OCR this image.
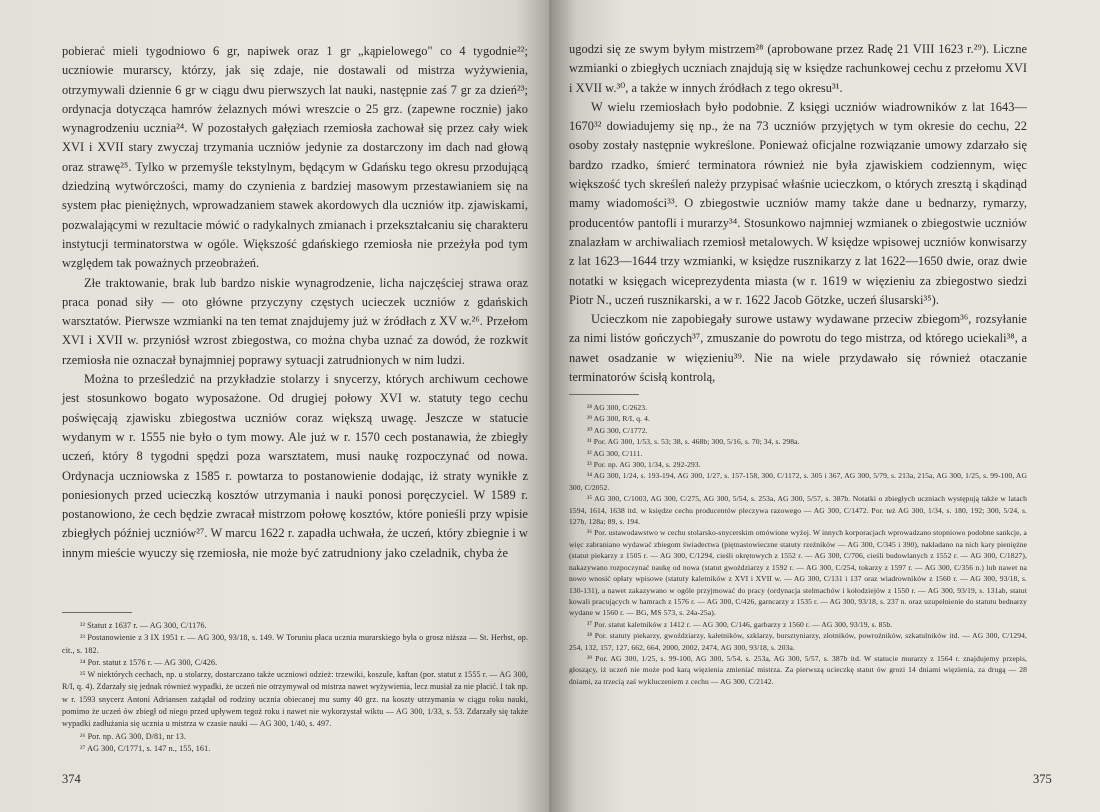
pobierać mieli tygodniowo 6 gr, napiwek oraz 1 gr „kąpielowego" co 4 tygodnie²²; uczniowie murarscy, którzy, jak się zdaje, nie dostawali od mistrza wyżywienia, otrzymywali dziennie 6 gr w ciągu dwu pierwszych lat nauki, następnie zaś 7 gr za dzień²³; ordynacja dotycząca hamrów żelaznych mówi wreszcie o 25 grz. (zapewne rocznie) jako wynagrodzeniu ucznia²⁴. W pozostałych gałęziach rzemiosła zachował się przez cały wiek XVI i XVII stary zwyczaj trzymania uczniów jedynie za dostarczony im dach nad głową oraz strawę²⁵. Tylko w przemyśle tekstylnym, będącym w Gdańsku tego okresu przodującą dziedziną wytwórczości, mamy do czynienia z bardziej masowym przestawianiem się na system płac pieniężnych, wprowadzaniem stawek akordowych dla uczniów itp. zjawiskami, pozwalającymi w rezultacie mówić o radykalnych zmianach i przekształcaniu się charakteru instytucji terminatorstwa w ogóle. Większość gdańskiego rzemiosła nie przeżyła pod tym względem tak poważnych przeobrażeń.

Złe traktowanie, brak lub bardzo niskie wynagrodzenie, licha najczęściej strawa oraz praca ponad siły — oto główne przyczyny częstych ucieczek uczniów z gdańskich warsztatów. Pierwsze wzmianki na ten temat znajdujemy już w źródłach z XV w.²⁶. Przełom XVI i XVII w. przyniósł wzrost zbiegostwa, co można chyba uznać za dowód, że rozkwit rzemiosła nie oznaczał bynajmniej poprawy sytuacji zatrudnionych w nim ludzi.

Można to prześledzić na przykładzie stolarzy i snycerzy, których archiwum cechowe jest stosunkowo bogato wyposażone. Od drugiej połowy XVI w. statuty tego cechu poświęcają zjawisku zbiegostwa uczniów coraz większą uwagę. Jeszcze w statucie wydanym w r. 1555 nie było o tym mowy. Ale już w r. 1570 cech postanawia, że zbiegły uczeń, który 8 tygodni spędzi poza warsztatem, musi naukę rozpoczynać od nowa. Ordynacja uczniowska z 1585 r. powtarza to postanowienie dodając, iż straty wynikłe z poniesionych przed ucieczką kosztów utrzymania i nauki ponosi poręczyciel. W 1589 r. postanowiono, że cech będzie zwracał mistrzom połowę kosztów, które ponieśli przy wpisie zbiegłych później uczniów²⁷. W marcu 1622 r. zapadła uchwała, że uczeń, który zbiegnie i w innym mieście wyuczy się rzemiosła, nie może być zatrudniony jako czeladnik, chyba że

²² Statut z 1637 r. — AG 300, C/1176.

²³ Postanowienie z 3 IX 1951 r. — AG 300, 93/18, s. 149. W Toruniu płaca ucznia murarskiego była o grosz niższa — St. Herbst, op. cit., s. 182.

²⁴ Por. statut z 1576 r. — AG 300, C/426.

²⁵ W niektórych cechach, np. u stolarzy, dostarczano także uczniowi odzież: trzewiki, koszule, kaftan (por. statut z 1555 r. — AG 300, R/I, q. 4). Zdarzały się jednak również wypadki, że uczeń nie otrzymywał od mistrza nawet wyżywienia, lecz musiał za nie płacić. I tak np. w r. 1593 snycerz Antoni Adriansen zażądał od rodziny ucznia obiecanej mu sumy 40 grz. na koszty utrzymania w ciągu roku nauki, pomimo że uczeń ów zbiegł od niego przed upływem tegoż roku i nawet nie wykorzystał wiktu — AG 300, 1/33, s. 53. Zdarzały się także wypadki zadłużania się ucznia u mistrza w czasie nauki — AG 300, 1/40, s. 497.

²⁶ Por. np. AG 300, D/81, nr 13.

²⁷ AG 300, C/1771, s. 147 n., 155, 161.

374

ugodzi się ze swym byłym mistrzem²⁸ (aprobowane przez Radę 21 VIII 1623 r.²⁹). Liczne wzmianki o zbiegłych uczniach znajdują się w księdze rachunkowej cechu z przełomu XVI i XVII w.³⁰, a także w innych źródłach z tego okresu³¹.

W wielu rzemiosłach było podobnie. Z księgi uczniów wiadrowników z lat 1643—1670³² dowiadujemy się np., że na 73 uczniów przyjętych w tym okresie do cechu, 22 osoby zostały następnie wykreślone. Ponieważ oficjalne rozwiązanie umowy zdarzało się bardzo rzadko, śmierć terminatora również nie była zjawiskiem codziennym, więc większość tych skreśleń należy przypisać właśnie ucieczkom, o których zresztą i skądinąd mamy wiadomości³³. O zbiegostwie uczniów mamy także dane u bednarzy, rymarzy, producentów pantofli i murarzy³⁴. Stosunkowo najmniej wzmianek o zbiegostwie uczniów znalazłam w archiwaliach rzemiosł metalowych. W księdze wpisowej uczniów konwisarzy z lat 1623—1644 trzy wzmianki, w księdze rusznikarzy z lat 1622—1650 dwie, oraz dwie notatki w księgach wiceprezydenta miasta (w r. 1619 w więzieniu za zbiegostwo siedzi Piotr N., uczeń rusznikarski, a w r. 1622 Jacob Götzke, uczeń ślusarski³⁵).

Ucieczkom nie zapobiegały surowe ustawy wydawane przeciw zbiegom³⁶, rozsyłanie za nimi listów gończych³⁷, zmuszanie do powrotu do tego mistrza, od którego uciekali³⁸, a nawet osadzanie w więzieniu³⁹. Nie na wiele przydawało się również otaczanie terminatorów ścisłą kontrolą,

²⁸ AG 300, C/2623.

²⁹ AG 300, R/I, q. 4.

³⁰ AG 300, C/1772.

³¹ Por. AG 300, 1/53, s. 53; 38, s. 468b; 300, 5/16, s. 70; 34, s. 298a.

³² AG 300, C/111.

³³ Por. np. AG 300, 1/34, s. 292-293.

³⁴ AG 300, 1/24, s. 193-194, AG 300, 1/27, s. 157-158, 300, C/1172, s. 305 i 367, AG 300, 5/79, s. 213a, 215a, AG 300, 1/25, s. 99-100, AG 300, C/2052.

³⁵ AG 300, C/1003, AG 300, C/275, AG 300, 5/54, s. 253a, AG 300, 5/57, s. 387b. Notatki o zbiegłych uczniach występują także w latach 1594, 1614, 1638 itd. w księdze cechu producentów pleczywa razowego — AG 300, C/1472. Por. też AG 300, 1/34, s. 180, 192; 300, 5/24, s. 127b, 128a; 89, s. 194.

³⁶ Por. ustawodawstwo w cechu stolarsko-snycerskim omówione wyżej. W innych korporacjach wprowadzano stopniowo podobne sankcje, a więc zabraniano wydawać zbiegom świadectwa (piętnastowieczne statuty rzeźników — AG 300, C/345 i 390), nakładano na nich kary pieniężne (statut piekarzy z 1505 r. — AG 300, C/1294, cieśli okrętowych z 1552 r. — AG 300, C/706, cieśli budowlanych z 1552 r. — AG 300, C/1827), nakazywano rozpoczynać naukę od nowa (statut gwoździarzy z 1592 r. — AG 300, C/254, tokarzy z 1597 r. — AG 300, C/356 n.) lub nawet na nowo wnosić opłaty wpisowe (statuty kaletników z XVI i XVII w. — AG 300, C/131 i 137 oraz wiadrowników z 1560 r. — AG 300, 93/18, s. 130-131), a nawet zakazywano w ogóle przyjmować do pracy (ordynacja stelmachów i kołodziejów z 1550 r. — AG 300, 93/19, s. 131ab, statut kowali pracujących w hamrach z 1576 r. — AG 300, C/426, garncarzy z 1535 r. — AG 300, 93/18, s. 237 n. oraz uzupełnienie do statutu bednarzy wydane w 1560 r. — BG, MS 573, s. 24a-25a).

³⁷ Por. statut kaletników z 1412 r. — AG 300, C/146, garbarzy z 1560 r. — AG 300, 93/19, s. 85b.

³⁸ Por. statuty piekarzy, gwoździarzy, kaletników, szklarzy, bursztyniarzy, złotników, powroźników, szkatulników itd. — AG 300, C/1294, 254, 132, 157, 127, 662, 664, 2000, 2002, 2474, AG 300, 93/18, s. 203a.

³⁹ Por. AG 300, 1/25, s. 99-100, AG 300, 5/54, s. 253a, AG 300, 5/57, s. 387b itd. W statucie murarzy z 1564 r. znajdujemy przepis, głoszący, iż uczeń nie może pod karą więzienia zmieniać mistrza. Za pierwszą ucieczkę statut ów grozi 14 dniami więzienia, za drugą — 28 dniami, za trzecią zaś wykluczeniem z cechu — AG 300, C/2142.

375
